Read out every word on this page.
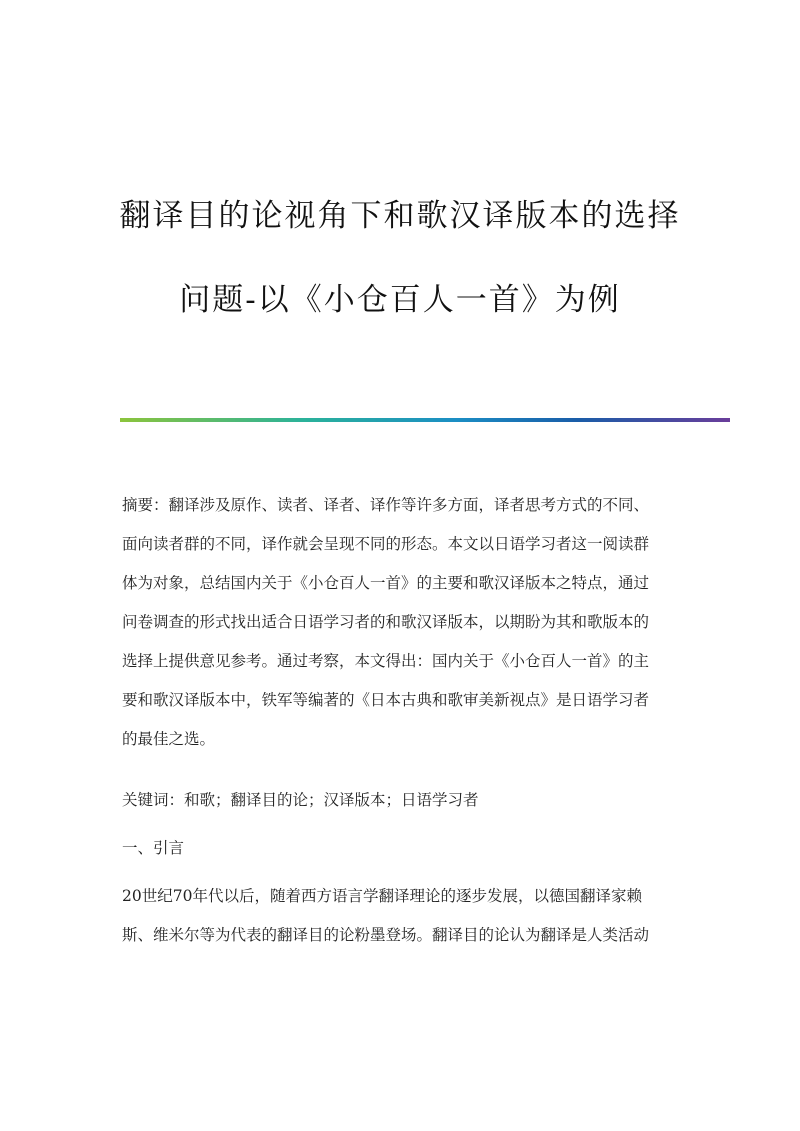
翻译目的论视角下和歌汉译版本的选择
问题-以《小仓百人一首》为例
摘要：翻译涉及原作、读者、译者、译作等许多方面，译者思考方式的不同、
面向读者群的不同，译作就会呈现不同的形态。本文以日语学习者这一阅读群
体为对象，总结国内关于《小仓百人一首》的主要和歌汉译版本之特点，通过
问卷调查的形式找出适合日语学习者的和歌汉译版本，以期盼为其和歌版本的
选择上提供意见参考。通过考察，本文得出：国内关于《小仓百人一首》的主
要和歌汉译版本中，铁军等编著的《日本古典和歌审美新视点》是日语学习者
的最佳之选。
关键词：和歌；翻译目的论；汉译版本；日语学习者
一、引言
20世纪70年代以后，随着西方语言学翻译理论的逐步发展，以德国翻译家赖
斯、维米尔等为代表的翻译目的论粉墨登场。翻译目的论认为翻译是人类活动
